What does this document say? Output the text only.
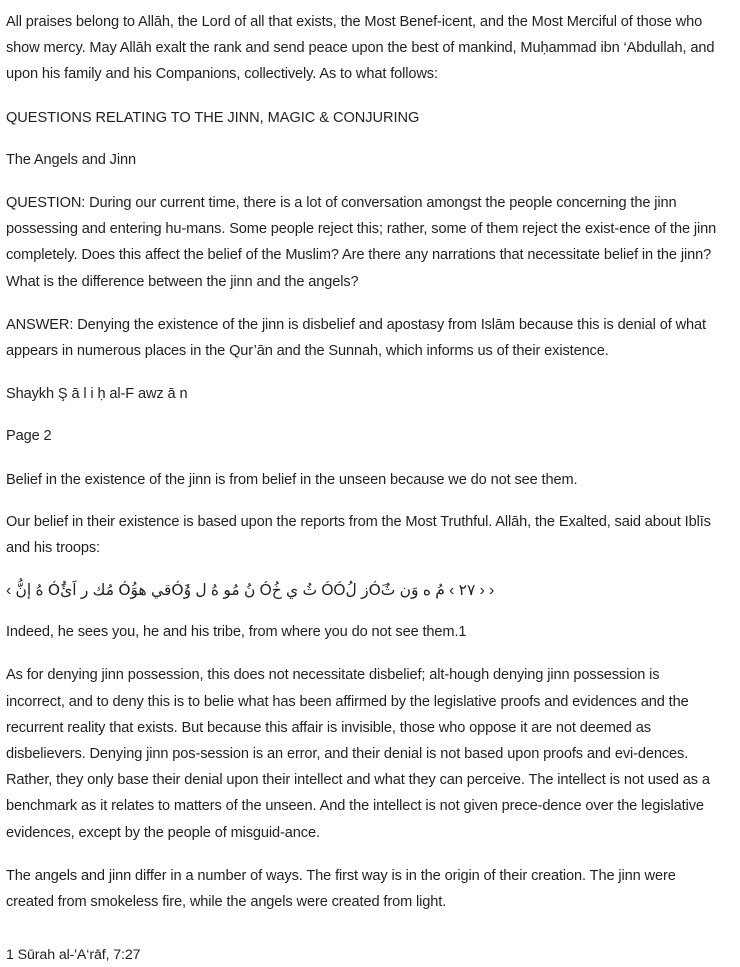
All praises belong to Allāh, the Lord of all that exists, the Most Benef-icent, and the Most Merciful of those who show mercy. May Allāh exalt the rank and send peace upon the best of mankind, Muḥammad ibn ‘Abdullah, and upon his family and his Companions, collectively. As to what follows:

QUESTIONS RELATING TO THE JINN, MAGIC & CONJURING

The Angels and Jinn

QUESTION: During our current time, there is a lot of conversation amongst the people concerning the jinn possessing and entering hu-mans. Some people reject this; rather, some of them reject the exist-ence of the jinn completely. Does this affect the belief of the Muslim? Are there any narrations that necessitate belief in the jinn? What is the difference between the jinn and the angels?

ANSWER: Denying the existence of the jinn is disbelief and apostasy from Islām because this is denial of what appears in numerous places in the Qur’ān and the Sunnah, which informs us of their existence.

Shaykh Ş ā l i ḥ al-F awz ā n

Page 2

Belief in the existence of the jinn is from belief in the unseen because we do not see them.

Our belief in their existence is based upon the reports from the Most Truthful. Allāh, the Exalted, said about Iblīs and his troops:

‹ ‹ ٢٧ › مُ ه وَن ثُÓَز لُÓÓ ثُ ي خُÓ نُ مُو هُ ل وُÓَقي هوَÓُ مُك ر اَئُÓَ هُ إنُّ ›

Indeed, he sees you, he and his tribe, from where you do not see them.1

As for denying jinn possession, this does not necessitate disbelief; alt-hough denying jinn possession is incorrect, and to deny this is to belie what has been affirmed by the legislative proofs and evidences and the recurrent reality that exists. But because this affair is invisible, those who oppose it are not deemed as disbelievers. Denying jinn pos-session is an error, and their denial is not based upon proofs and evi-dences. Rather, they only base their denial upon their intellect and what they can perceive. The intellect is not used as a benchmark as it relates to matters of the unseen. And the intellect is not given prece-dence over the legislative evidences, except by the people of misguid-ance.

The angels and jinn differ in a number of ways. The first way is in the origin of their creation. The jinn were created from smokeless fire, while the angels were created from light.

1 Sūrah al-'A‘rāf, 7:27
